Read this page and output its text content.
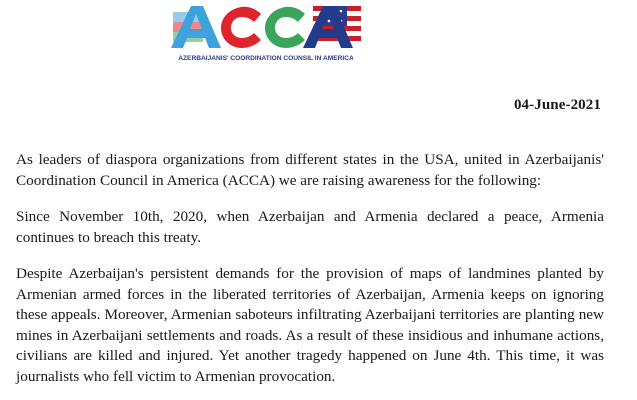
AZERBAIJANIS' COORDINATION COUNSIL IN AMERICA
04-June-2021

As leaders of diaspora organizations from different states in the USA, united in Azerbaijanis' Coordination Council in America (ACCA) we are raising awareness for the following:

Since November 10th, 2020, when Azerbaijan and Armenia declared a peace, Armenia continues to breach this treaty.

Despite Azerbaijan's persistent demands for the provision of maps of landmines planted by Armenian armed forces in the liberated territories of Azerbaijan, Armenia keeps on ignoring these appeals. Moreover, Armenian saboteurs infiltrating Azerbaijani territories are planting new mines in Azerbaijani settlements and roads. As a result of these insidious and inhumane actions, civilians are killed and injured. Yet another tragedy happened on June 4th. This time, it was journalists who fell victim to Armenian provocation.
